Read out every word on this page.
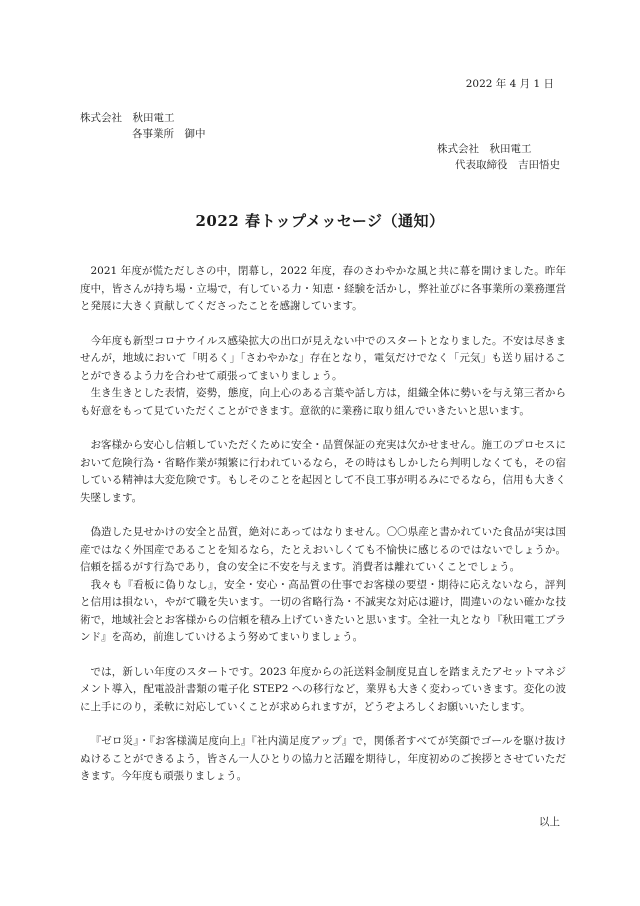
2022 年 4 月 1 日
株式会社　秋田電工
各事業所　御中
株式会社　秋田電工
代表取締役　吉田悟史
2022 春トップメッセージ（通知）

2021 年度が慌ただしさの中，閉幕し，2022 年度，春のさわやかな風と共に幕を開けました。昨年度中，皆さんが持ち場・立場で，有している力・知恵・経験を活かし，弊社並びに各事業所の業務運営と発展に大きく貢献してくださったことを感謝しています。

今年度も新型コロナウイルス感染拡大の出口が見えない中でのスタートとなりました。不安は尽きませんが，地域において「明るく」「さわやかな」存在となり，電気だけでなく「元気」も送り届けることができるよう力を合わせて頑張ってまいりましょう。

生き生きとした表情，姿勢，態度，向上心のある言葉や話し方は，組織全体に勢いを与え第三者からも好意をもって見ていただくことができます。意欲的に業務に取り組んでいきたいと思います。

お客様から安心し信頼していただくために安全・品質保証の充実は欠かせません。施工のプロセスにおいて危険行為・省略作業が頻繁に行われているなら，その時はもしかしたら判明しなくても，その宿している精神は大変危険です。もしそのことを起因として不良工事が明るみにでるなら，信用も大きく失墜します。

偽造した見せかけの安全と品質，絶対にあってはなりません。〇〇県産と書かれていた食品が実は国産ではなく外国産であることを知るなら，たとえおいしくても不愉快に感じるのではないでしょうか。信頼を揺るがす行為であり，食の安全に不安を与えます。消費者は離れていくことでしょう。

我々も『看板に偽りなし』，安全・安心・高品質の仕事でお客様の要望・期待に応えないなら，評判と信用は損ない，やがて職を失います。一切の省略行為・不誠実な対応は避け，間違いのない確かな技術で，地域社会とお客様からの信頼を積み上げていきたいと思います。全社一丸となり『秋田電工ブランド』を高め，前進していけるよう努めてまいりましょう。

では，新しい年度のスタートです。2023 年度からの託送料金制度見直しを踏まえたアセットマネジメント導入，配電設計書類の電子化 STEP2 への移行など，業界も大きく変わっていきます。変化の波に上手にのり，柔軟に対応していくことが求められますが，どうぞよろしくお願いいたします。

『ゼロ災』・『お客様満足度向上』『社内満足度アップ』で，関係者すべてが笑顔でゴールを駆け抜けぬけることができるよう，皆さん一人ひとりの協力と活躍を期待し，年度初めのご挨拶とさせていただきます。今年度も頑張りましょう。

以上
